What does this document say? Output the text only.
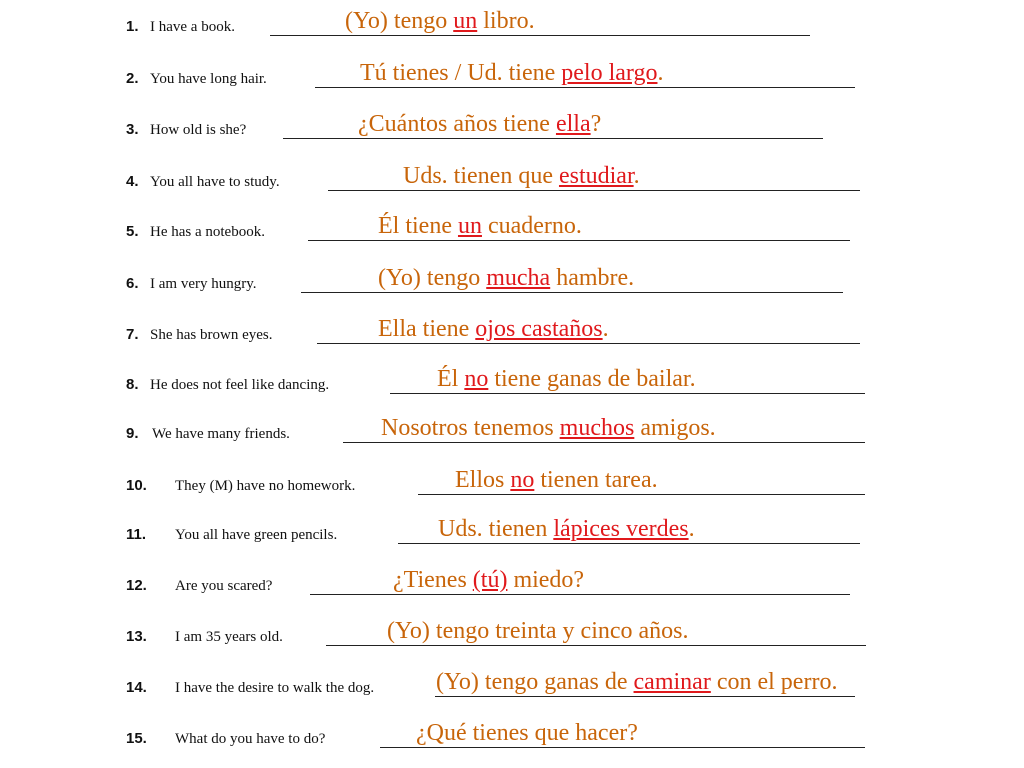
1. I have a book.	(Yo) tengo un libro.
2. You have long hair.	Tú tienes / Ud. tiene pelo largo.
3. How old is she?	¿Cuántos años tiene ella?
4. You all have to study.	Uds. tienen que estudiar.
5. He has a notebook.	Él tiene un cuaderno.
6. I am very hungry.	(Yo) tengo mucha hambre.
7. She has brown eyes.	Ella tiene ojos castaños.
8. He does not feel like dancing.	Él no tiene ganas de bailar.
9. We have many friends.	Nosotros tenemos muchos amigos.
10. They (M) have no homework.	Ellos no tienen tarea.
11. You all have green pencils.	Uds. tienen lápices verdes.
12. Are you scared?	¿Tienes (tú) miedo?
13. I am 35 years old.	(Yo) tengo treinta y cinco años.
14. I have the desire to walk the dog.	(Yo) tengo ganas de caminar con el perro.
15. What do you have to do?	¿Qué tienes que hacer?
